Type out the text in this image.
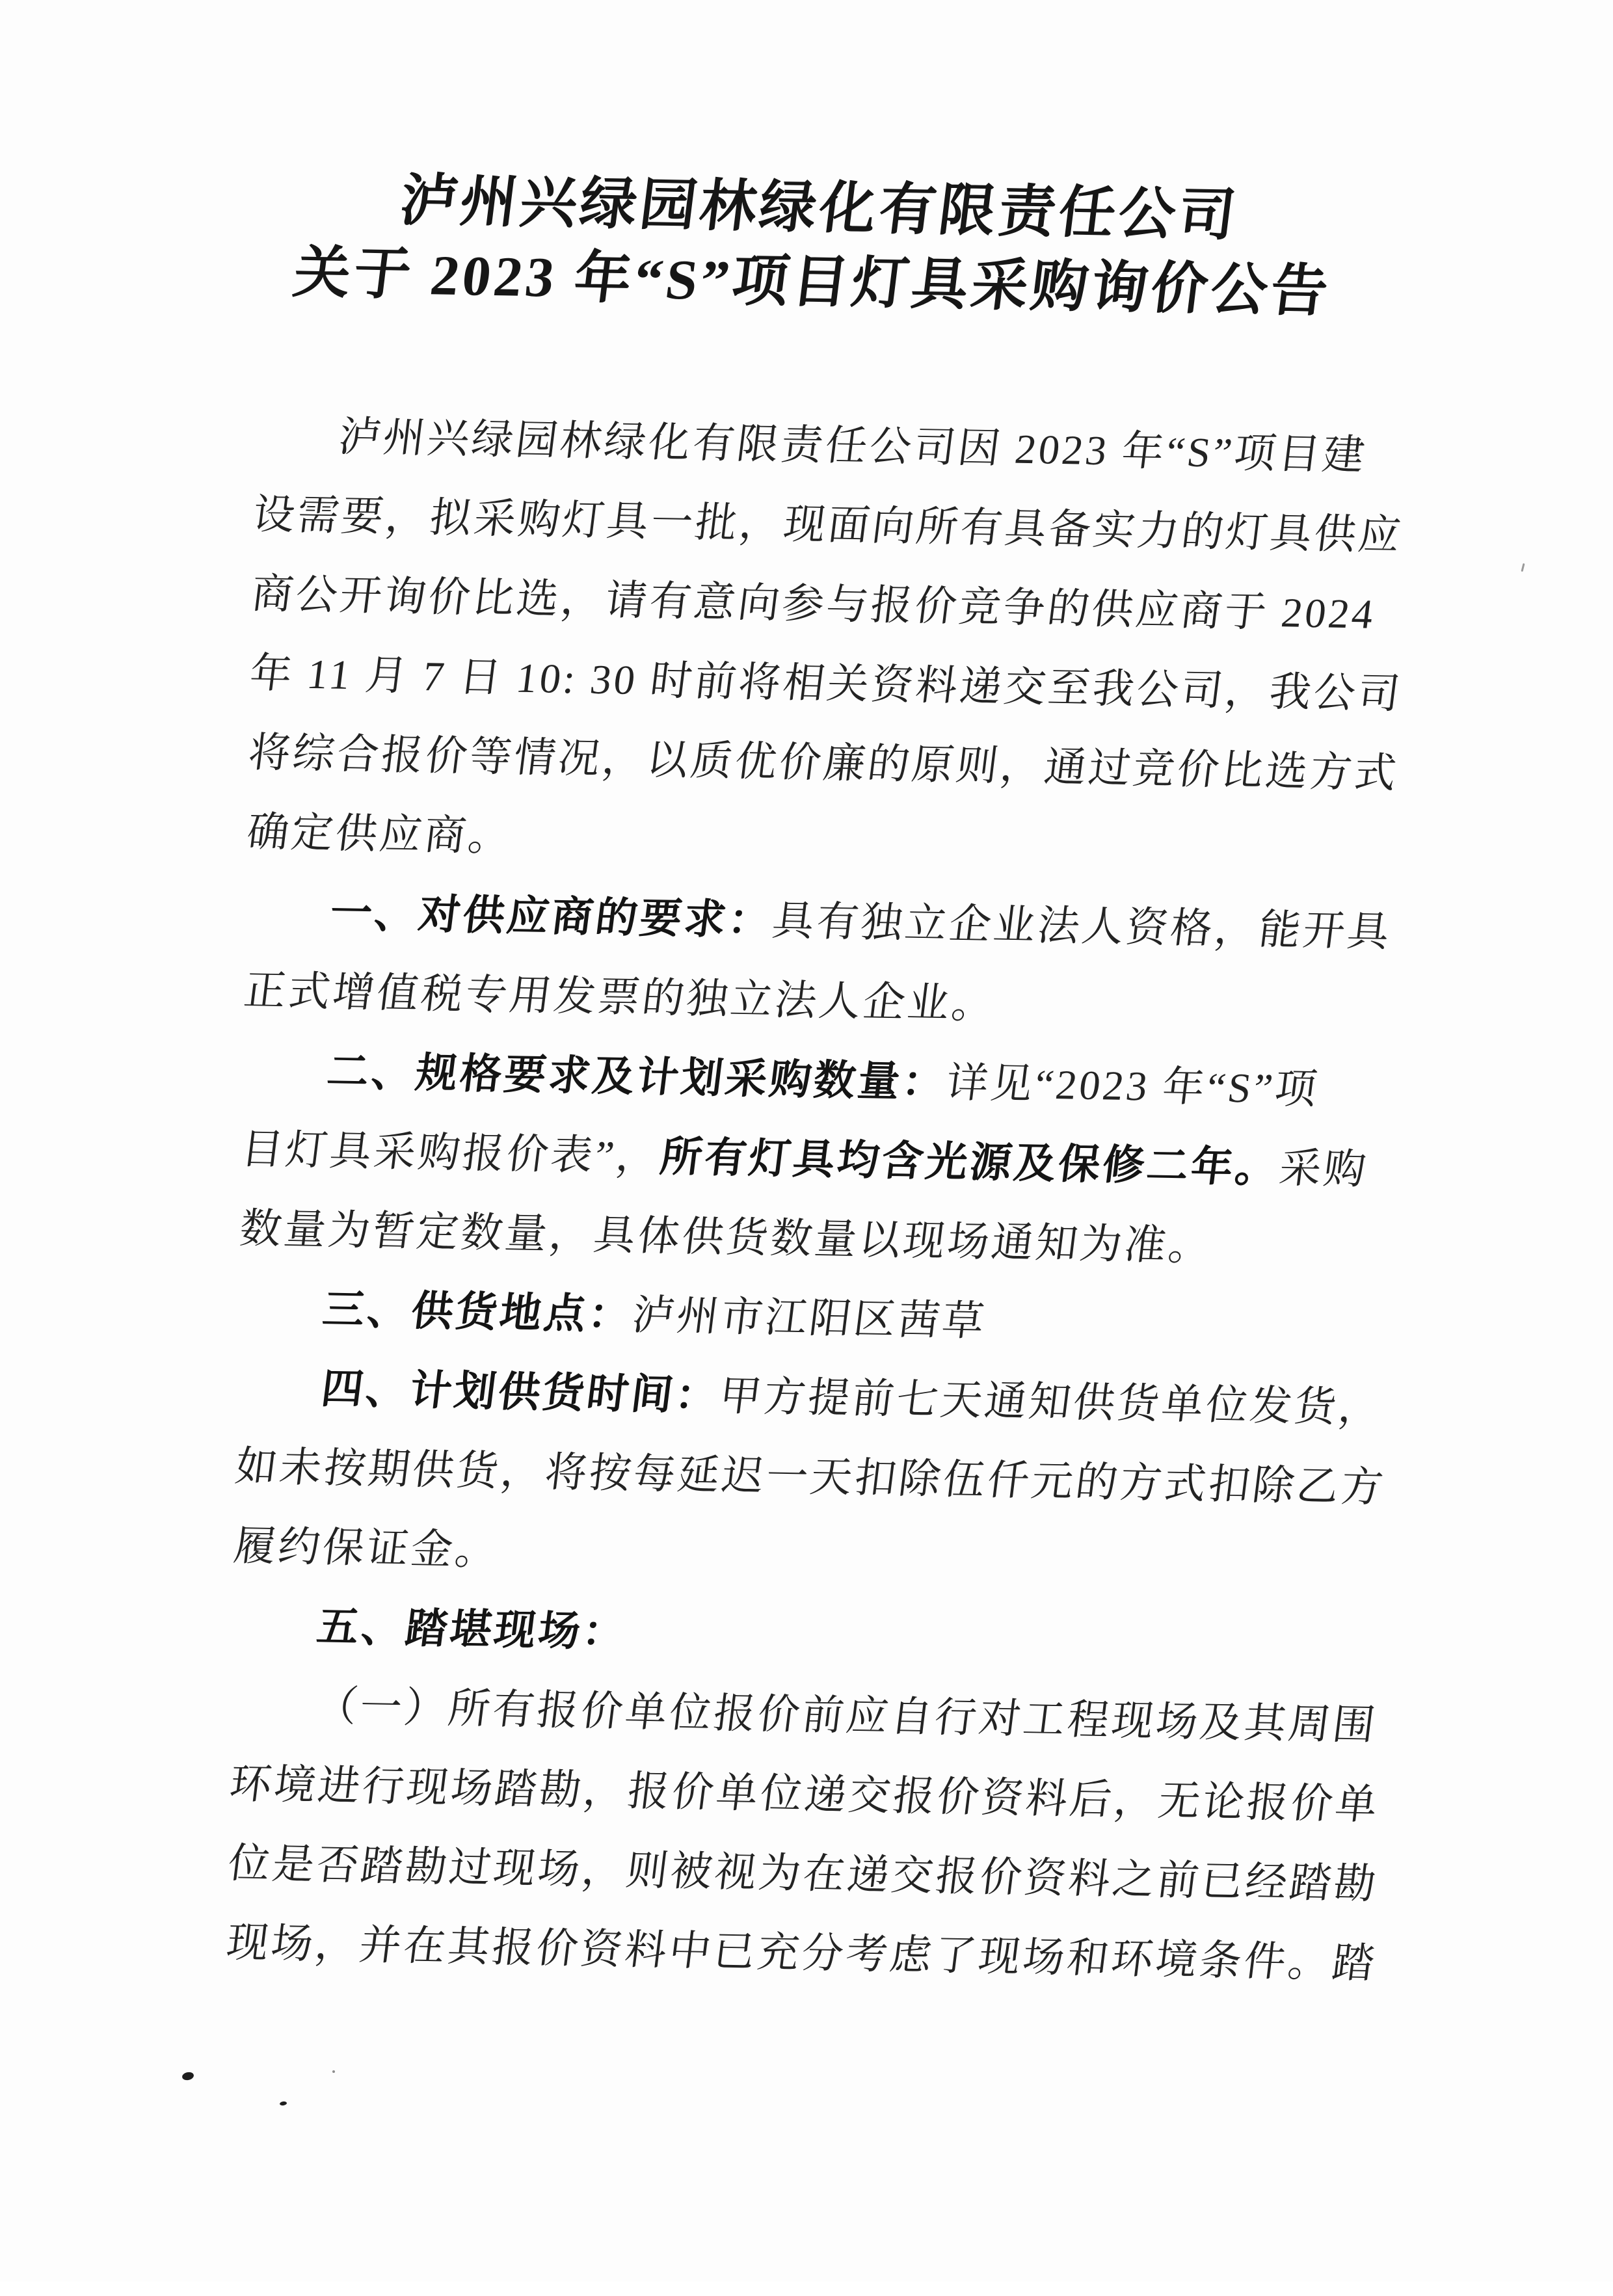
泸州兴绿园林绿化有限责任公司
关于 2023 年“S”项目灯具采购询价公告
泸州兴绿园林绿化有限责任公司因 2023 年“S”项目建
设需要，拟采购灯具一批，现面向所有具备实力的灯具供应
商公开询价比选，请有意向参与报价竞争的供应商于 2024
年 11 月 7 日 10: 30 时前将相关资料递交至我公司，我公司
将综合报价等情况，以质优价廉的原则，通过竞价比选方式
确定供应商。
一、对供应商的要求：具有独立企业法人资格，能开具
正式增值税专用发票的独立法人企业。
二、规格要求及计划采购数量：详见“2023 年“S”项
目灯具采购报价表”，所有灯具均含光源及保修二年。采购
数量为暂定数量，具体供货数量以现场通知为准。
三、供货地点：泸州市江阳区茜草
四、计划供货时间：甲方提前七天通知供货单位发货，
如未按期供货，将按每延迟一天扣除伍仟元的方式扣除乙方
履约保证金。
五、踏堪现场：
（一）所有报价单位报价前应自行对工程现场及其周围
环境进行现场踏勘，报价单位递交报价资料后，无论报价单
位是否踏勘过现场，则被视为在递交报价资料之前已经踏勘
现场，并在其报价资料中已充分考虑了现场和环境条件。踏
